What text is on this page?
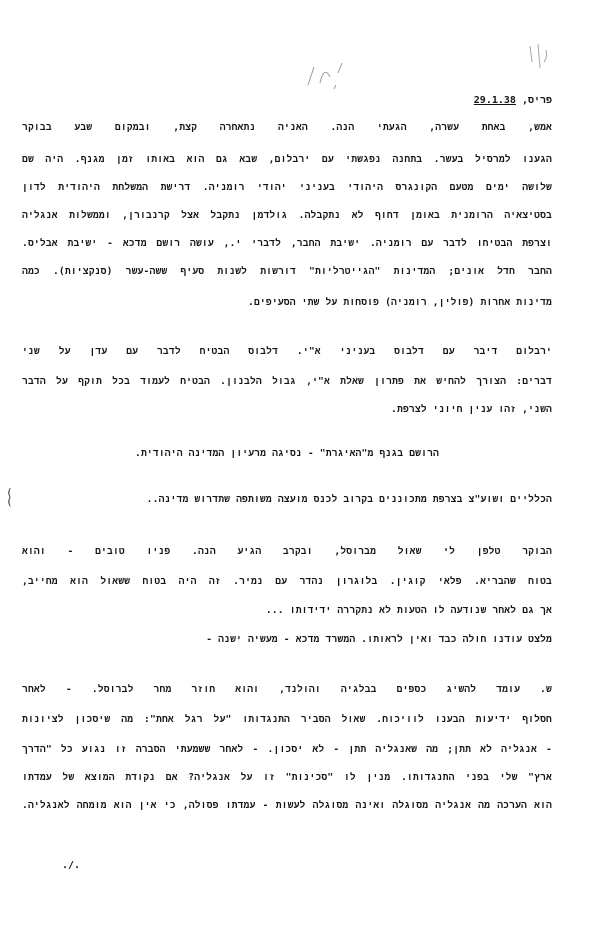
פריס, 29.1.38
אמש, באחת עשרה, הגעתי הנה. האניה נתאחרה קצת, ובמקום שבע בבוקר
הגענו למרסיל בעשר. בתחנה נפגשתי עם ירבלום, שבא גם הוא באותו זמן מגנף. היה שם
שלושה ימים מטעם הקונגרס היהודי בעניני יהודי רומניה. דרישת המשלחת היהודית לדון
בסטיצאיה הרומנית באומן דחוף לא נתקבלה. גולדמן נתקבל אצל קרנבורן, וממשלות אנגליה
וצרפת הבטיחו לדבר עם רומניה. ישיבת החבר, לדברי י., עושה רושם מדכא - ישיבת אבליס.
החבר חדל אונים; המדינות "הגייטרליות" דורשות לשנות סעיף ששה-עשר (סנקציות). כמה
מדינות אחרות (פולין, רומניה) פוסחות על שתי הסעיפים.
ירבלום דיבר עם דלבוס בעניני א"י. דלבוס הבטיח לדבר עם עדן על שני
דברים: הצורך להחיש את פתרון שאלת א"י, גבול הלבנון. הבטיח לעמוד בכל תוקף על הדבר
השני, זהו ענין חיוני לצרפת.
הרושם בגנף מ"האיגרת" - נסיגה מרעיון המדינה היהודית.
הכלליים ושוע"צ בצרפת מתכוננים בקרוב לכנס מועצה משותפה שתדרוש מדינה..
(
(
הבוקר טלפן לי שאול מברוסל, ובקרב הגיע הנה. פניו טובים - והוא
בטוח שהבריא. פלאי קוגין. בלוגרון נהדר עם נמיר. זה היה בטוח ששאול הוא מחייב,
אך גם לאחר שנודעה לו הטעות לא נתקררה ידידותו ...
מלצט עודנו חולה כבד ואין לראותו. המשרד מדכא - מעשיה ישנה -
ש. עומד להשיג כספים בבלגיה והולנד, והוא חוזר מחר לברוסל. - לאחר
חסלוף ידיעות הבענו לוויכוח. שאול הסביר התנגדותו "על רגל אחת": מה שיסכון לציונות
- אנגליה לא תתן; מה שאנגליה תתן - לא יסכון. - לאחר ששמעתי הסברה זו נגוע כל "הדרך
ארץ" שלי בפני התנגדותו. מנין לו "סכינות" זו על אנגליה? אם נקודת המוצא של עמדתו
הוא הערכה מה אנגליה מסוגלה ואינה מסוגלה לעשות - עמדתו פסולה, כי אין הוא מומחה לאנגליה.
./.
